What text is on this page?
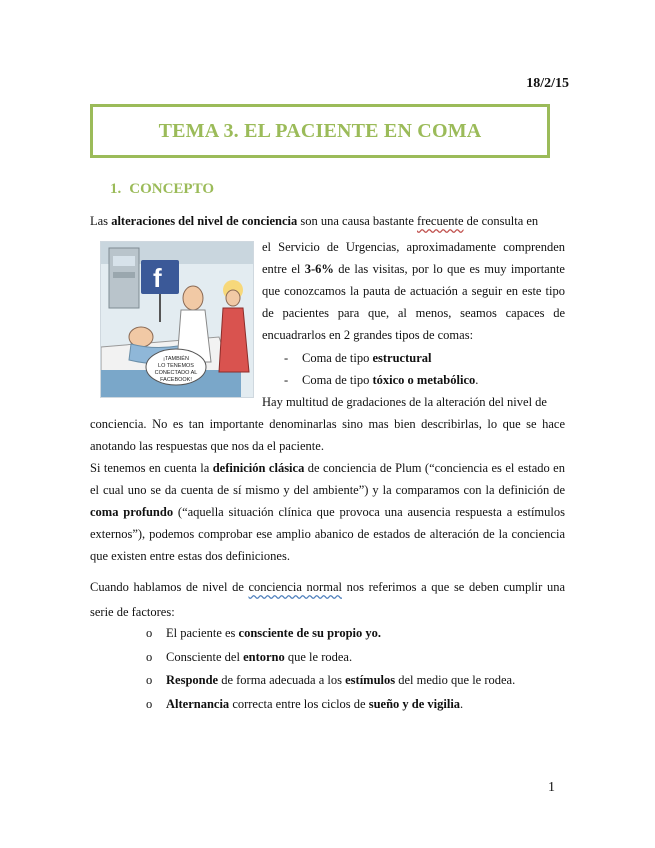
18/2/15
TEMA 3. EL PACIENTE EN COMA
1. CONCEPTO
Las alteraciones del nivel de conciencia son una causa bastante frecuente de consulta en
f
¡TAMBIÉN
LO TENEMOS
CONECTADO AL
FACEBOOK!
el Servicio de Urgencias, aproximadamente comprenden entre el 3-6% de las visitas, por lo que es muy importante que conozcamos la pauta de actuación a seguir en este tipo de pacientes para que, al menos, seamos capaces de encuadrarlos en 2 grandes tipos de comas:
- Coma de tipo estructural
- Coma de tipo tóxico o metabólico.
Hay multitud de gradaciones de la alteración del nivel de
conciencia. No es tan importante denominarlas sino mas bien describirlas, lo que se hace anotando las respuestas que nos da el paciente.
Si tenemos en cuenta la definición clásica de conciencia de Plum (“conciencia es el estado en el cual uno se da cuenta de sí mismo y del ambiente”) y la comparamos con la definición de coma profundo (“aquella situación clínica que provoca una ausencia respuesta a estímulos externos”), podemos comprobar ese amplio abanico de estados de alteración de la conciencia que existen entre estas dos definiciones.
Cuando hablamos de nivel de conciencia normal nos referimos a que se deben cumplir una serie de factores:
o El paciente es consciente de su propio yo.
o Consciente del entorno que le rodea.
o Responde de forma adecuada a los estímulos del medio que le rodea.
o Alternancia correcta entre los ciclos de sueño y de vigilia.
1
